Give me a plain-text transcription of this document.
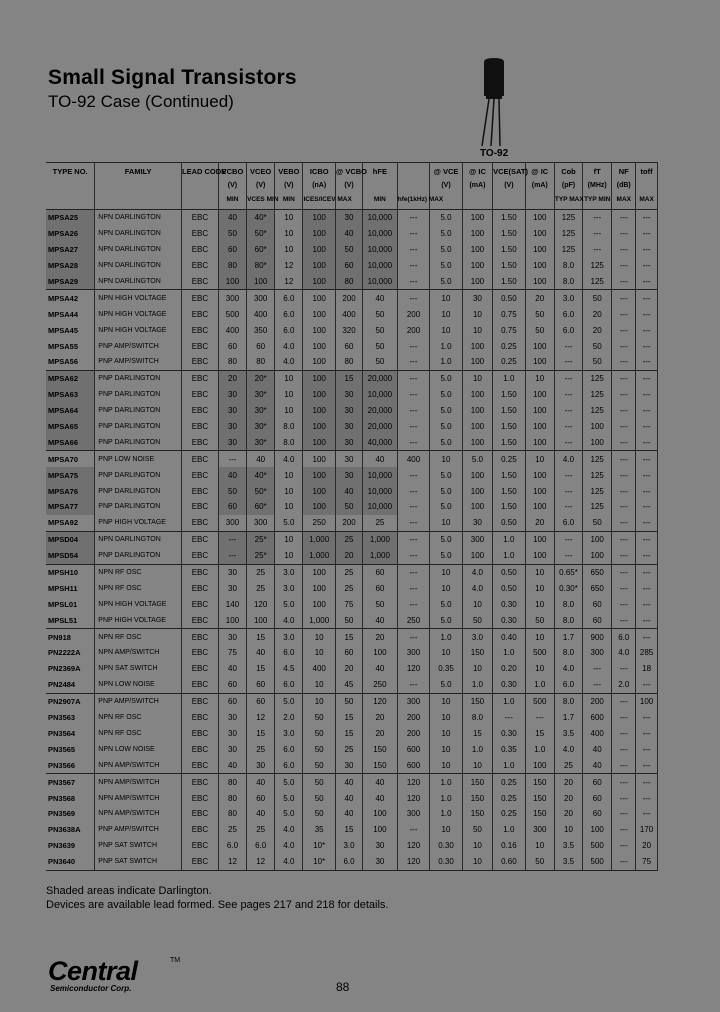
Small Signal Transistors
TO-92 Case (Continued)
TO-92
TYPE NO.	FAMILY	LEAD CODE	VCBO	VCEO	VEBO	ICBO	@ VCBO	hFE		@ VCE	@ IC	VCE(SAT)	@ IC	Cob	fT	NF	toff
			(V)	(V)	(V)	(nA)	(V)			(V)	(mA)	(V)	(mA)	(pF)	(MHz)	(dB)	
			MIN	VCES MIN	MIN	ICES/ICEV MAX		MIN	hfe(1kHz) MAX					TYP MAX	TYP MIN	MAX	MAX
MPSA25	NPN DARLINGTON	EBC	40	40*	10	100	30	10,000	---	5.0	100	1.50	100	125	---	---	---
MPSA26	NPN DARLINGTON	EBC	50	50*	10	100	40	10,000	---	5.0	100	1.50	100	125	---	---	---
MPSA27	NPN DARLINGTON	EBC	60	60*	10	100	50	10,000	---	5.0	100	1.50	100	125	---	---	---
MPSA28	NPN DARLINGTON	EBC	80	80*	12	100	60	10,000	---	5.0	100	1.50	100	8.0	125	---	---
MPSA29	NPN DARLINGTON	EBC	100	100	12	100	80	10,000	---	5.0	100	1.50	100	8.0	125	---	---
MPSA42	NPN HIGH VOLTAGE	EBC	300	300	6.0	100	200	40	---	10	30	0.50	20	3.0	50	---	---
MPSA44	NPN HIGH VOLTAGE	EBC	500	400	6.0	100	400	50	200	10	10	0.75	50	6.0	20	---	---
MPSA45	NPN HIGH VOLTAGE	EBC	400	350	6.0	100	320	50	200	10	10	0.75	50	6.0	20	---	---
MPSA55	PNP AMP/SWITCH	EBC	60	60	4.0	100	60	50	---	1.0	100	0.25	100	---	50	---	---
MPSA56	PNP AMP/SWITCH	EBC	80	80	4.0	100	80	50	---	1.0	100	0.25	100	---	50	---	---
MPSA62	PNP DARLINGTON	EBC	20	20*	10	100	15	20,000	---	5.0	10	1.0	10	---	125	---	---
MPSA63	PNP DARLINGTON	EBC	30	30*	10	100	30	10,000	---	5.0	100	1.50	100	---	125	---	---
MPSA64	PNP DARLINGTON	EBC	30	30*	10	100	30	20,000	---	5.0	100	1.50	100	---	125	---	---
MPSA65	PNP DARLINGTON	EBC	30	30*	8.0	100	30	20,000	---	5.0	100	1.50	100	---	100	---	---
MPSA66	PNP DARLINGTON	EBC	30	30*	8.0	100	30	40,000	---	5.0	100	1.50	100	---	100	---	---
MPSA70	PNP LOW NOISE	EBC	---	40	4.0	100	30	40	400	10	5.0	0.25	10	4.0	125	---	---
MPSA75	PNP DARLINGTON	EBC	40	40*	10	100	30	10,000	---	5.0	100	1.50	100	---	125	---	---
MPSA76	PNP DARLINGTON	EBC	50	50*	10	100	40	10,000	---	5.0	100	1.50	100	---	125	---	---
MPSA77	PNP DARLINGTON	EBC	60	60*	10	100	50	10,000	---	5.0	100	1.50	100	---	125	---	---
MPSA92	PNP HIGH VOLTAGE	EBC	300	300	5.0	250	200	25	---	10	30	0.50	20	6.0	50	---	---
MPSD04	NPN DARLINGTON	EBC	---	25*	10	1,000	25	1,000	---	5.0	300	1.0	100	---	100	---	---
MPSD54	PNP DARLINGTON	EBC	---	25*	10	1,000	20	1,000	---	5.0	100	1.0	100	---	100	---	---
MPSH10	NPN RF OSC	EBC	30	25	3.0	100	25	60	---	10	4.0	0.50	10	0.65*	650	---	---
MPSH11	NPN RF OSC	EBC	30	25	3.0	100	25	60	---	10	4.0	0.50	10	0.30*	650	---	---
MPSL01	NPN HIGH VOLTAGE	EBC	140	120	5.0	100	75	50	---	5.0	10	0.30	10	8.0	60	---	---
MPSL51	PNP HIGH VOLTAGE	EBC	100	100	4.0	1,000	50	40	250	5.0	50	0.30	50	8.0	60	---	---
PN918	NPN RF OSC	EBC	30	15	3.0	10	15	20	---	1.0	3.0	0.40	10	1.7	900	6.0	---
PN2222A	NPN AMP/SWITCH	EBC	75	40	6.0	10	60	100	300	10	150	1.0	500	8.0	300	4.0	285
PN2369A	NPN SAT SWITCH	EBC	40	15	4.5	400	20	40	120	0.35	10	0.20	10	4.0	---	---	18
PN2484	NPN LOW NOISE	EBC	60	60	6.0	10	45	250	---	5.0	1.0	0.30	1.0	6.0	---	2.0	---
PN2907A	PNP AMP/SWITCH	EBC	60	60	5.0	10	50	120	300	10	150	1.0	500	8.0	200	---	100
PN3563	NPN RF OSC	EBC	30	12	2.0	50	15	20	200	10	8.0	---	---	1.7	600	---	---
PN3564	NPN RF OSC	EBC	30	15	3.0	50	15	20	200	10	15	0.30	15	3.5	400	---	---
PN3565	NPN LOW NOISE	EBC	30	25	6.0	50	25	150	600	10	1.0	0.35	1.0	4.0	40	---	---
PN3566	NPN AMP/SWITCH	EBC	40	30	6.0	50	30	150	600	10	10	1.0	100	25	40	---	---
PN3567	NPN AMP/SWITCH	EBC	80	40	5.0	50	40	40	120	1.0	150	0.25	150	20	60	---	---
PN3568	NPN AMP/SWITCH	EBC	80	60	5.0	50	40	40	120	1.0	150	0.25	150	20	60	---	---
PN3569	NPN AMP/SWITCH	EBC	80	40	5.0	50	40	100	300	1.0	150	0.25	150	20	60	---	---
PN3638A	PNP AMP/SWITCH	EBC	25	25	4.0	35	15	100	---	10	50	1.0	300	10	100	---	170
PN3639	PNP SAT SWITCH	EBC	6.0	6.0	4.0	10*	3.0	30	120	0.30	10	0.16	10	3.5	500	---	20
PN3640	PNP SAT SWITCH	EBC	12	12	4.0	10*	6.0	30	120	0.30	10	0.60	50	3.5	500	---	75
Shaded areas indicate Darlington.
Devices are available lead formed. See pages 217 and 218 for details.
Central	TM
Semiconductor Corp.	88
